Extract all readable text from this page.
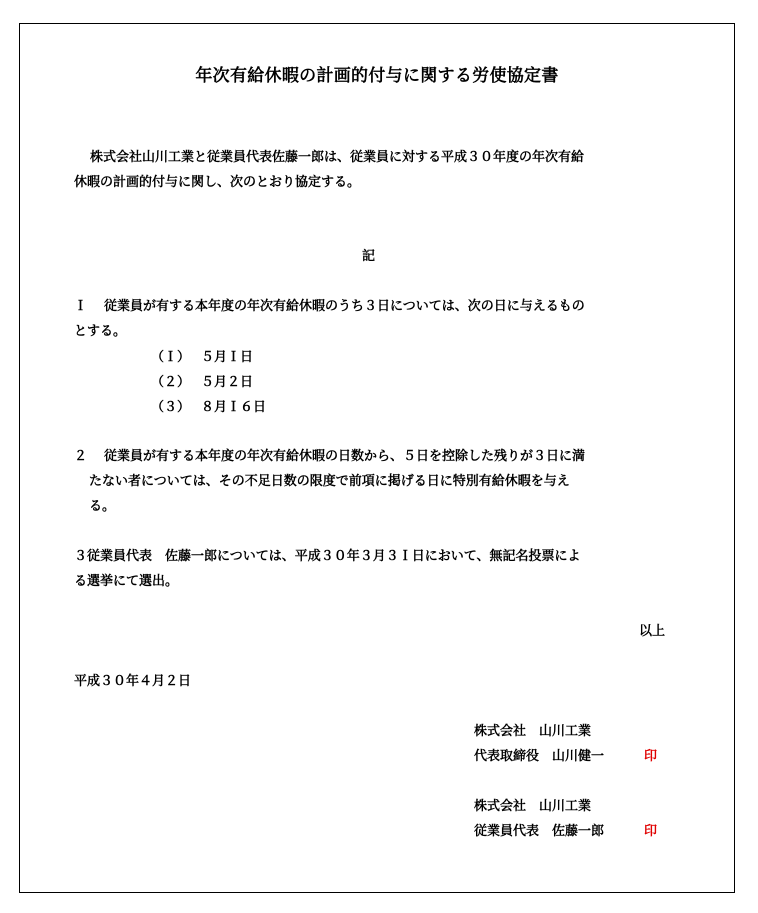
年次有給休暇の計画的付与に関する労使協定書
株式会社山川工業と従業員代表佐藤一郎は、従業員に対する平成３０年度の年次有給
休暇の計画的付与に関し、次のとおり協定する。
記
Ｉ 従業員が有する本年度の年次有給休暇のうち３日については、次の日に与えるもの
とする。
（Ｉ） ５月Ｉ日
（２） ５月２日
（３） ８月Ｉ６日
２ 従業員が有する本年度の年次有給休暇の日数から、５日を控除した残りが３日に満
たない者については、その不足日数の限度で前項に掲げる日に特別有給休暇を与え
る。
３従業員代表　佐藤一郎については、平成３０年３月３Ｉ日において、無記名投票によ
る選挙にて選出。
以上
平成３０年４月２日
株式会社　山川工業
代表取締役　山川健一	印
株式会社　山川工業
従業員代表　佐藤一郎	印
